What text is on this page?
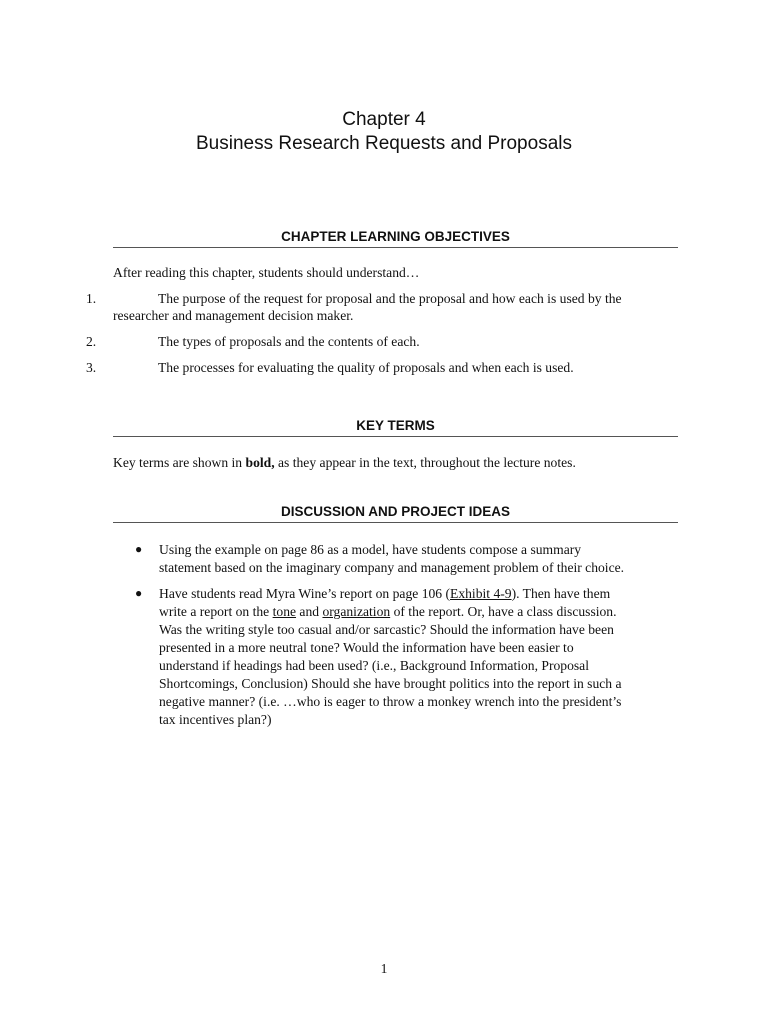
Chapter 4
Business Research Requests and Proposals
CHAPTER LEARNING OBJECTIVES
After reading this chapter, students should understand…
1.	The purpose of the request for proposal and the proposal and how each is used by the researcher and management decision maker.
2.	The types of proposals and the contents of each.
3.	The processes for evaluating the quality of proposals and when each is used.
KEY TERMS
Key terms are shown in bold, as they appear in the text, throughout the lecture notes.
DISCUSSION AND PROJECT IDEAS
● Using the example on page 86 as a model, have students compose a summary
statement based on the imaginary company and management problem of their choice.
● Have students read Myra Wine’s report on page 106 (Exhibit 4-9). Then have them
write a report on the tone and organization of the report. Or, have a class discussion.
Was the writing style too casual and/or sarcastic? Should the information have been
presented in a more neutral tone? Would the information have been easier to
understand if headings had been used? (i.e., Background Information, Proposal
Shortcomings, Conclusion) Should she have brought politics into the report in such a
negative manner? (i.e. …who is eager to throw a monkey wrench into the president’s
tax incentives plan?)
1
